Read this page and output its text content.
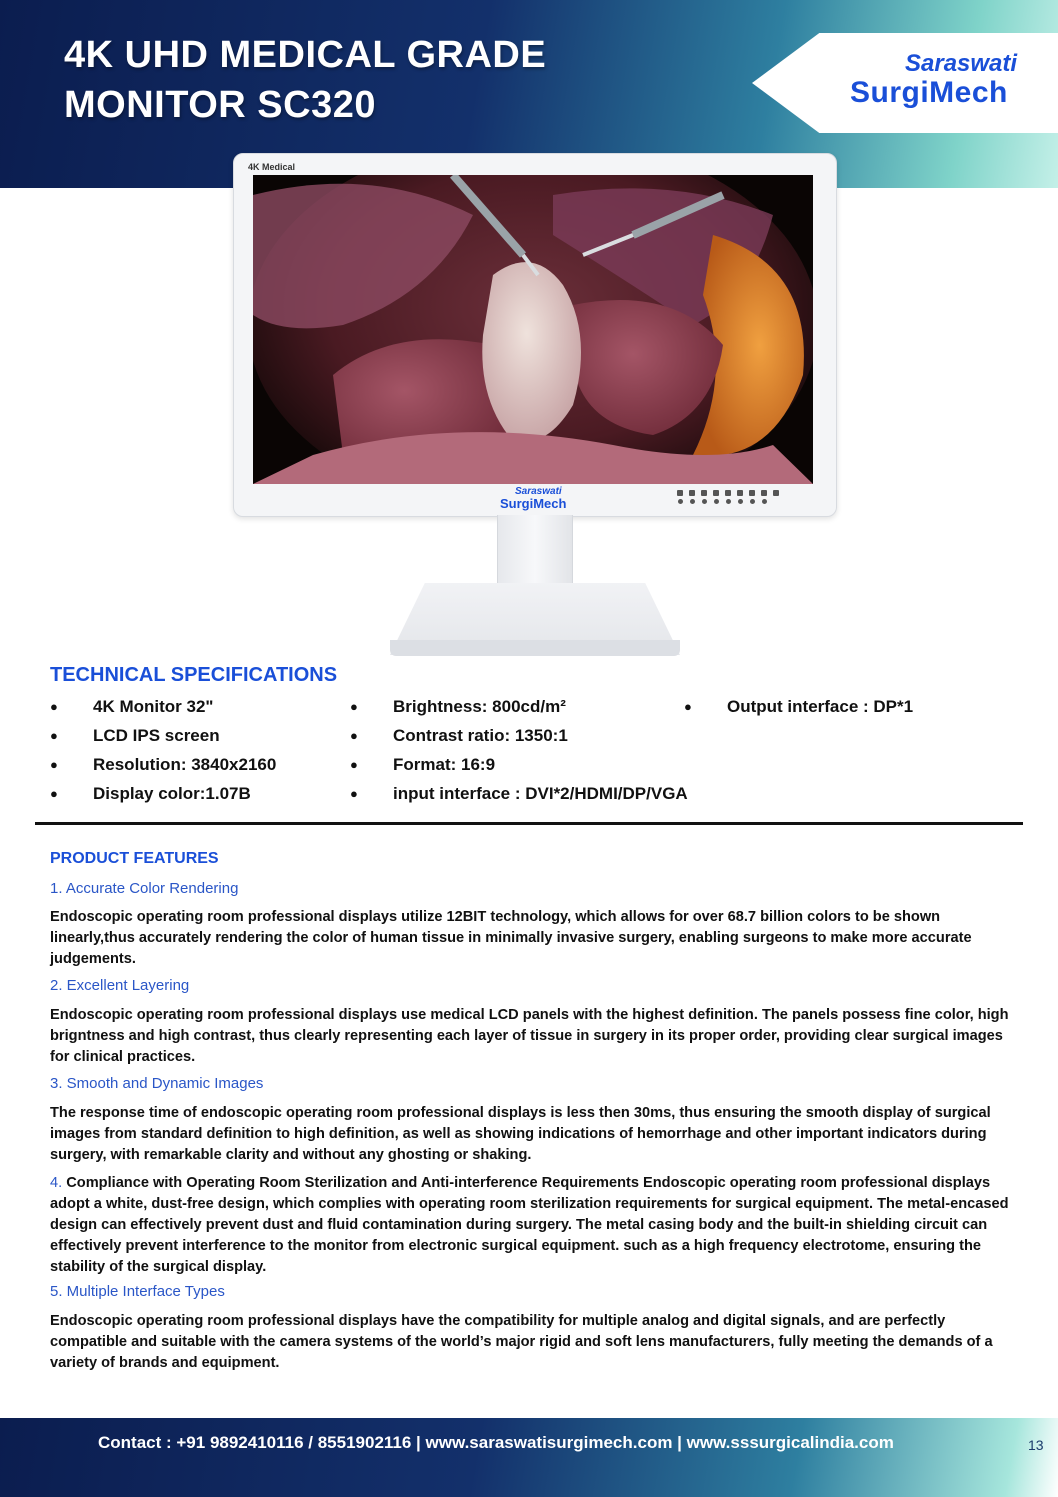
4K UHD MEDICAL GRADE
MONITOR SC320
Saraswati
SurgiMech
4K Medical
Saraswati
SurgiMech
TECHNICAL SPECIFICATIONS
● 4K Monitor 32"
● LCD IPS screen
● Resolution: 3840x2160
● Display color:1.07B
● Brightness: 800cd/m²
● Contrast ratio: 1350:1
● Format: 16:9
● input interface : DVI*2/HDMI/DP/VGA
● Output interface : DP*1
PRODUCT FEATURES

1. Accurate Color Rendering

Endoscopic operating room professional displays utilize 12BIT technology, which allows for over 68.7 billion colors to be shown linearly,thus accurately rendering the color of human tissue in minimally invasive surgery, enabling surgeons to make more accurate judgements.

2. Excellent Layering

Endoscopic operating room professional displays use medical LCD panels with the highest definition. The panels possess fine color, high brigntness and high contrast, thus clearly representing each layer of tissue in surgery in its proper order, providing clear surgical images for clinical practices.

3. Smooth and Dynamic Images

The response time of endoscopic operating room professional displays is less then 30ms, thus ensuring the smooth display of surgical images from standard definition to high definition, as well as showing indications of hemorrhage and other important indicators during surgery, with remarkable clarity and without any ghosting or shaking.

4. Compliance with Operating Room Sterilization and Anti-interference Requirements Endoscopic operating room professional displays adopt a white, dust-free design, which complies with operating room sterilization requirements for surgical equipment. The metal-encased design can effectively prevent dust and fluid contamination during surgery. The metal casing body and the built-in shielding circuit can effectively prevent interference to the monitor from electronic surgical equipment. such as a high frequency electrotome, ensuring the stability of the surgical display.

5. Multiple Interface Types

Endoscopic operating room professional displays have the compatibility for multiple analog and digital signals, and are perfectly compatible and suitable with the camera systems of the world’s major rigid and soft lens manufacturers, fully meeting the demands of a variety of brands and equipment.

Contact : +91 9892410116 / 8551902116 | www.saraswatisurgimech.com | www.sssurgicalindia.com	13
